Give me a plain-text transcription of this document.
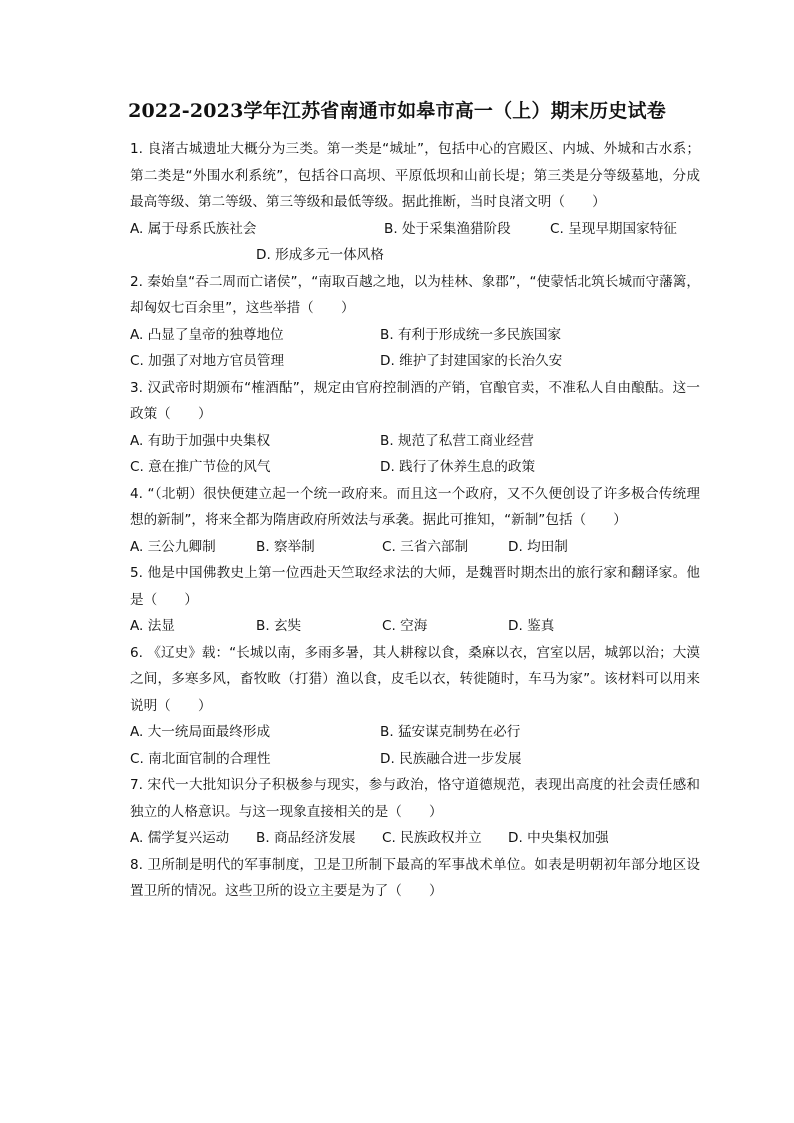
2022-2023学年江苏省南通市如皋市高一（上）期末历史试卷

1. 良渚古城遗址大概分为三类。第一类是“城址”，包括中心的宫殿区、内城、外城和古水系；第二类是“外围水利系统”，包括谷口高坝、平原低坝和山前长堤；第三类是分等级墓地，分成最高等级、第二等级、第三等级和最低等级。据此推断，当时良渚文明（　　）

A. 属于母系氏族社会	B. 处于采集渔猎阶段	C. 呈现早期国家特征
D. 形成多元一体风格

2. 秦始皇“吞二周而亡诸侯”，“南取百越之地，以为桂林、象郡”，“使蒙恬北筑长城而守藩篱，却匈奴七百余里”，这些举措（　　）

A. 凸显了皇帝的独尊地位	B. 有利于形成统一多民族国家
C. 加强了对地方官员管理	D. 维护了封建国家的长治久安

3. 汉武帝时期颁布“榷酒酤”，规定由官府控制酒的产销，官酿官卖，不准私人自由酿酤。这一政策（　　）

A. 有助于加强中央集权	B. 规范了私营工商业经营
C. 意在推广节俭的风气	D. 践行了休养生息的政策

4. “（北朝）很快便建立起一个统一政府来。而且这一个政府，又不久便创设了许多极合传统理想的新制”，将来全都为隋唐政府所效法与承袭。据此可推知，“新制”包括（　　）

A. 三公九卿制	B. 察举制	C. 三省六部制	D. 均田制

5. 他是中国佛教史上第一位西赴天竺取经求法的大师，是魏晋时期杰出的旅行家和翻译家。他是（　　）

A. 法显	B. 玄奘	C. 空海	D. 鉴真

6. 《辽史》载：“长城以南，多雨多暑，其人耕稼以食，桑麻以衣，宫室以居，城郭以治；大漠之间，多寒多风，畜牧畋（打猎）渔以食，皮毛以衣，转徙随时，车马为家”。该材料可以用来说明（　　）

A. 大一统局面最终形成	B. 猛安谋克制势在必行
C. 南北面官制的合理性	D. 民族融合进一步发展

7. 宋代一大批知识分子积极参与现实，参与政治，恪守道德规范，表现出高度的社会责任感和独立的人格意识。与这一现象直接相关的是（　　）

A. 儒学复兴运动	B. 商品经济发展	C. 民族政权并立	D. 中央集权加强

8. 卫所制是明代的军事制度，卫是卫所制下最高的军事战术单位。如表是明朝初年部分地区设置卫所的情况。这些卫所的设立主要是为了（　　）
